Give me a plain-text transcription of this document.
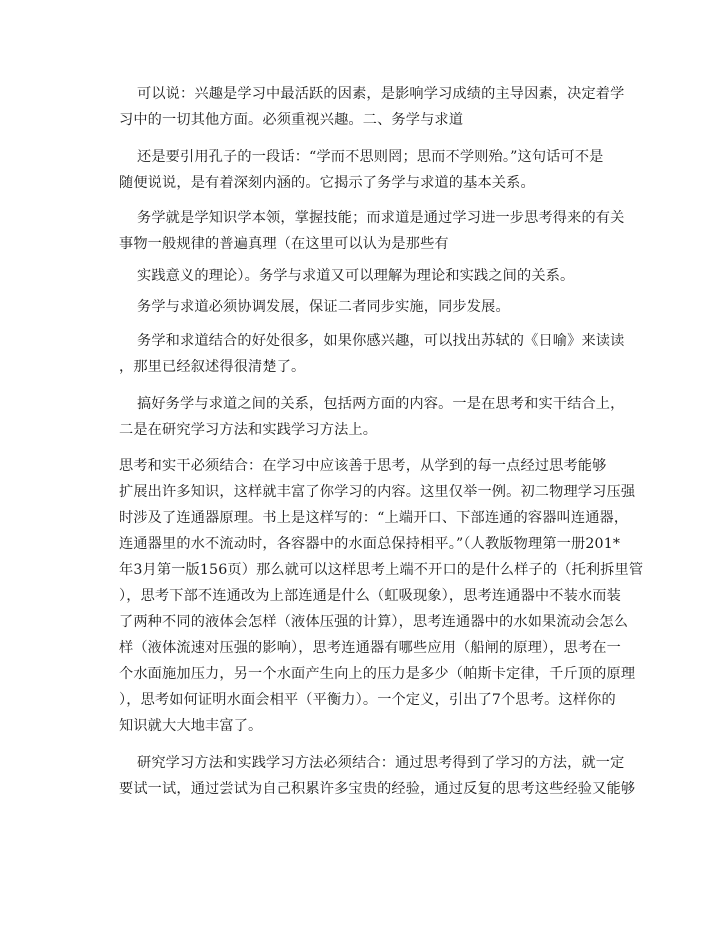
可以说：兴趣是学习中最活跃的因素，是影响学习成绩的主导因素，决定着学
习中的一切其他方面。必须重视兴趣。二、务学与求道
还是要引用孔子的一段话：“学而不思则罔；思而不学则殆。”这句话可不是
随便说说，是有着深刻内涵的。它揭示了务学与求道的基本关系。
务学就是学知识学本领，掌握技能；而求道是通过学习进一步思考得来的有关
事物一般规律的普遍真理（在这里可以认为是那些有
实践意义的理论）。务学与求道又可以理解为理论和实践之间的关系。
务学与求道必须协调发展，保证二者同步实施，同步发展。
务学和求道结合的好处很多，如果你感兴趣，可以找出苏轼的《日喻》来读读
，那里已经叙述得很清楚了。
搞好务学与求道之间的关系，包括两方面的内容。一是在思考和实干结合上，
二是在研究学习方法和实践学习方法上。
思考和实干必须结合：在学习中应该善于思考，从学到的每一点经过思考能够
扩展出许多知识，这样就丰富了你学习的内容。这里仅举一例。初二物理学习压强
时涉及了连通器原理。书上是这样写的：“上端开口、下部连通的容器叫连通器，
连通器里的水不流动时，各容器中的水面总保持相平。”（人教版物理第一册201*
年3月第一版156页）那么就可以这样思考上端不开口的是什么样子的（托利拆里管
），思考下部不连通改为上部连通是什么（虹吸现象），思考连通器中不装水而装
了两种不同的液体会怎样（液体压强的计算），思考连通器中的水如果流动会怎么
样（液体流速对压强的影响），思考连通器有哪些应用（船闸的原理），思考在一
个水面施加压力，另一个水面产生向上的压力是多少（帕斯卡定律，千斤顶的原理
），思考如何证明水面会相平（平衡力）。一个定义，引出了7个思考。这样你的
知识就大大地丰富了。
研究学习方法和实践学习方法必须结合：通过思考得到了学习的方法，就一定
要试一试，通过尝试为自己积累许多宝贵的经验，通过反复的思考这些经验又能够
